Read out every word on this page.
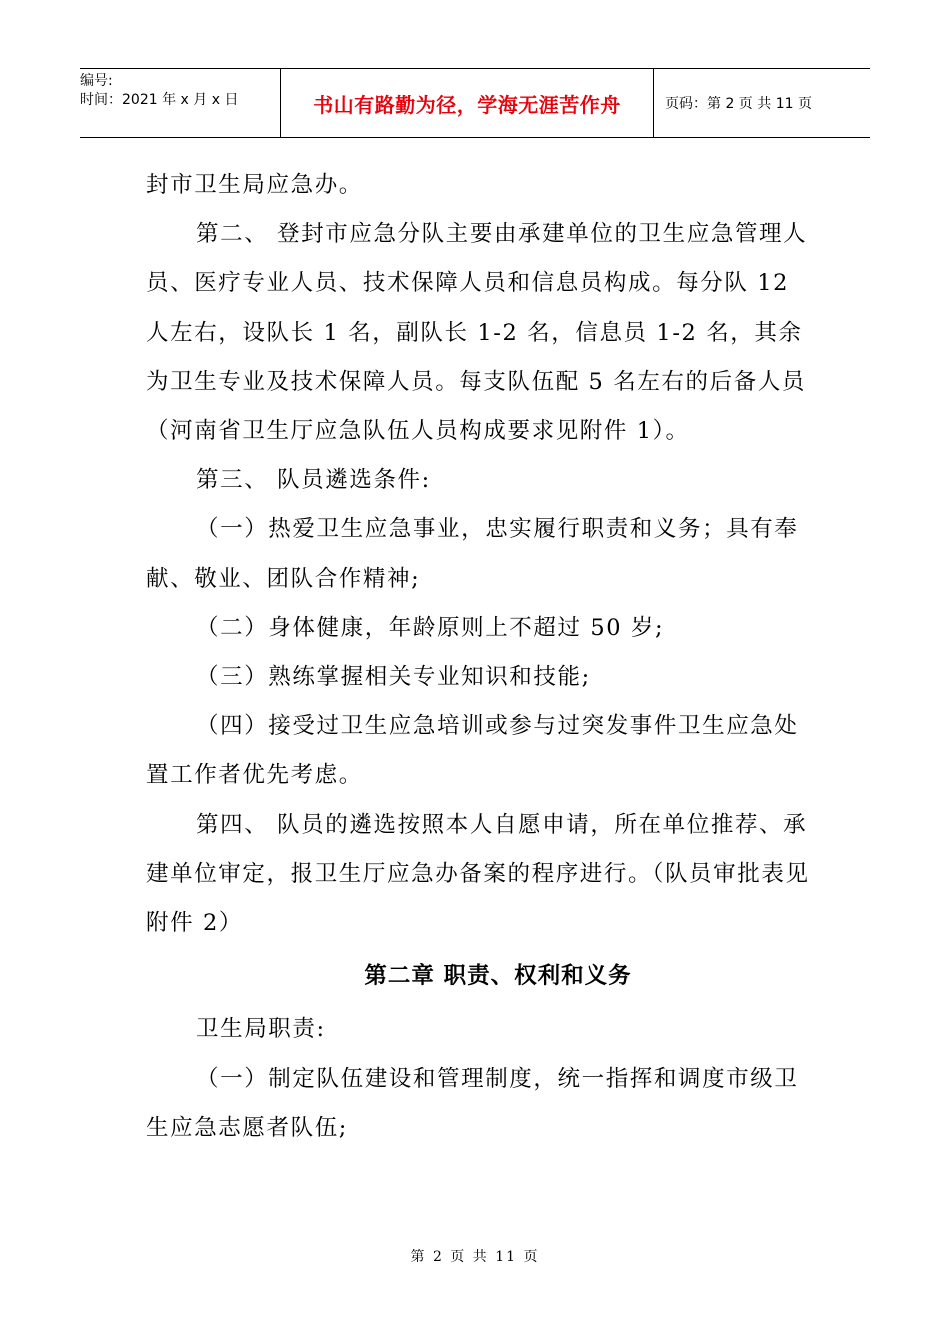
编号:
时间：2021 年 x 月 x 日	书山有路勤为径，学海无涯苦作舟	页码：第 2 页 共 11 页

封市卫生局应急办。

第二、 登封市应急分队主要由承建单位的卫生应急管理人员、医疗专业人员、技术保障人员和信息员构成。每分队 12 人左右，设队长 1 名，副队长 1-2 名，信息员 1-2 名，其余为卫生专业及技术保障人员。每支队伍配 5 名左右的后备人员（河南省卫生厅应急队伍人员构成要求见附件 1）。

第三、 队员遴选条件:

（一）热爱卫生应急事业，忠实履行职责和义务；具有奉献、敬业、团队合作精神;

（二）身体健康，年龄原则上不超过 50 岁;

（三）熟练掌握相关专业知识和技能;

（四）接受过卫生应急培训或参与过突发事件卫生应急处置工作者优先考虑。

第四、 队员的遴选按照本人自愿申请，所在单位推荐、承建单位审定，报卫生厅应急办备案的程序进行。（队员审批表见附件 2）

第二章 职责、权利和义务

卫生局职责:

（一）制定队伍建设和管理制度，统一指挥和调度市级卫生应急志愿者队伍;

第 2 页 共 11 页
